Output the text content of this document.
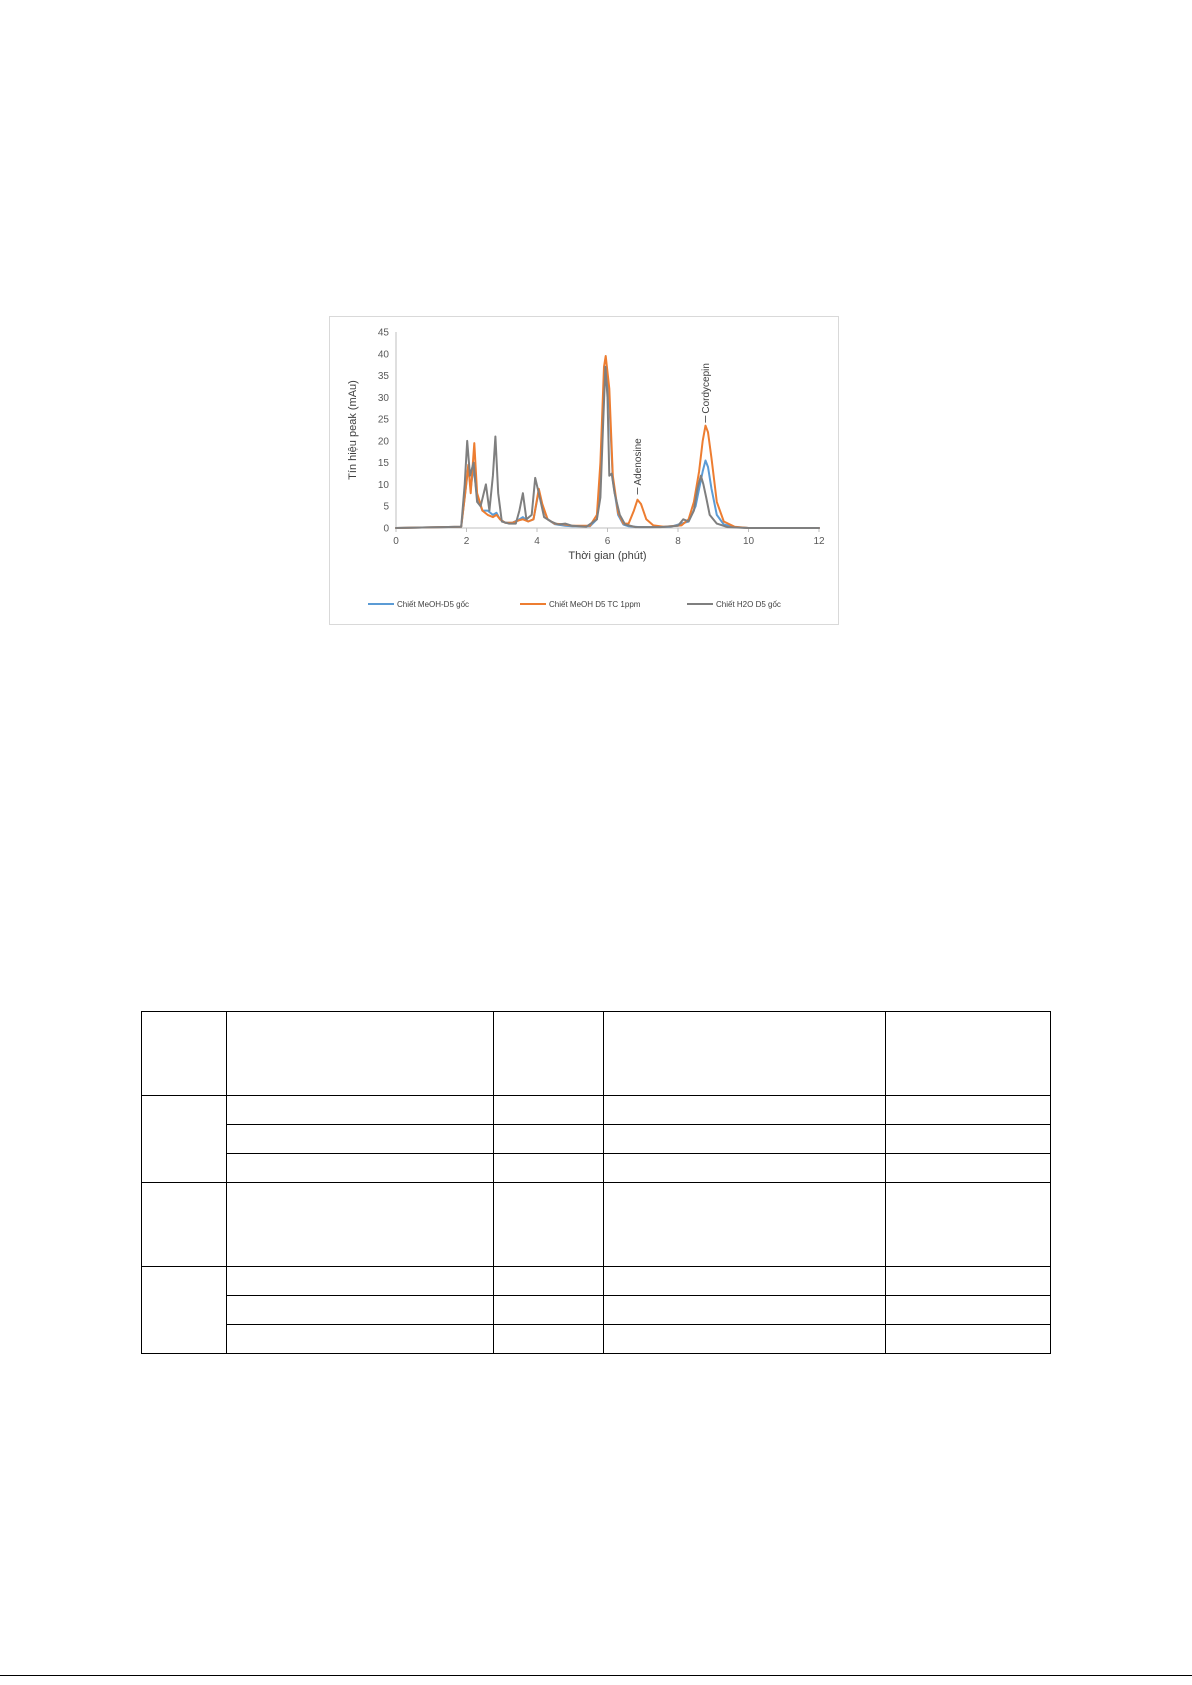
0	2	4	6	8	10	12
0
5
10
15
20
25
30
35
40
45
Thời gian (phút)
Tín hiệu peak (mAu)	Adenosine
Cordycepin
Chiết MeOH-D5 gốc	Chiết MeOH D5 TC 1ppm	Chiết H2O D5 gốc
